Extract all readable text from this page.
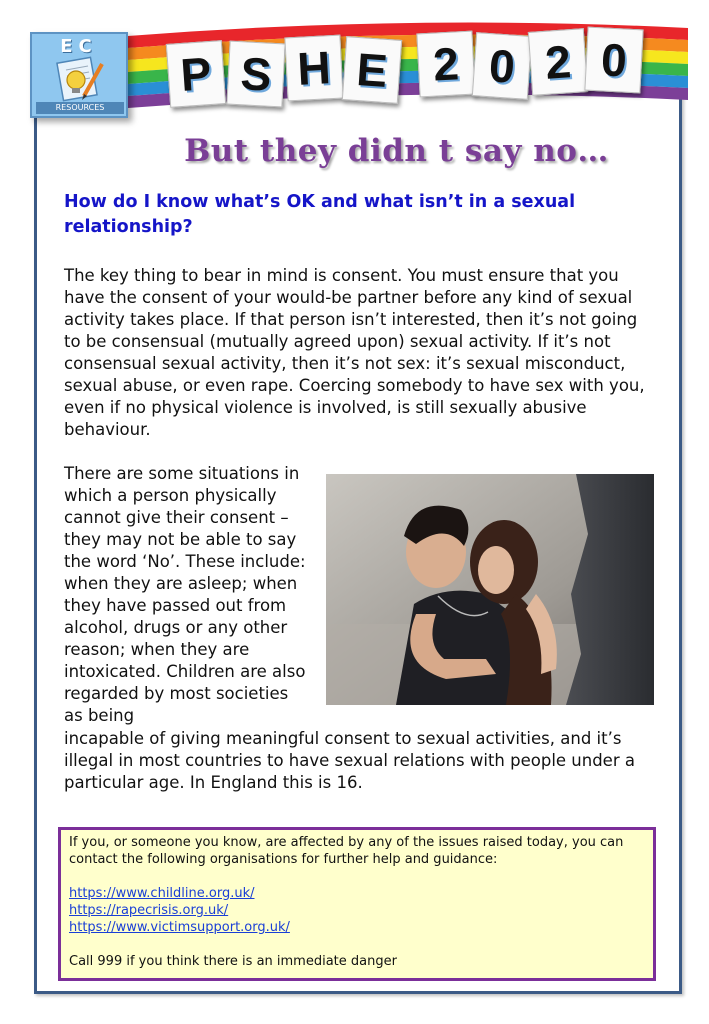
EC
RESOURCES
P S H E 2 0 2 0
But they didn t say no…
How do I know what’s OK and what isn’t in a sexual relationship?
The key thing to bear in mind is consent. You must ensure that you have the consent of your would-be partner before any kind of sexual activity takes place. If that person isn’t interested, then it’s not going to be consensual (mutually agreed upon) sexual activity. If it’s not consensual sexual activity, then it’s not sex: it’s sexual misconduct, sexual abuse, or even rape. Coercing somebody to have sex with you, even if no physical violence is involved, is still sexually abusive behaviour.
There are some situations in which a person physically cannot give their consent – they may not be able to say the word ‘No’. These include: when they are asleep; when they have passed out from alcohol, drugs or any other reason; when they are intoxicated. Children are also regarded by most societies as being
incapable of giving meaningful consent to sexual activities, and it’s illegal in most countries to have sexual relations with people under a particular age. In England this is 16.
If you, or someone you know, are affected by any of the issues raised today, you can contact the following organisations for further help and guidance:
https://www.childline.org.uk/
https://rapecrisis.org.uk/
https://www.victimsupport.org.uk/
Call 999 if you think there is an immediate danger
